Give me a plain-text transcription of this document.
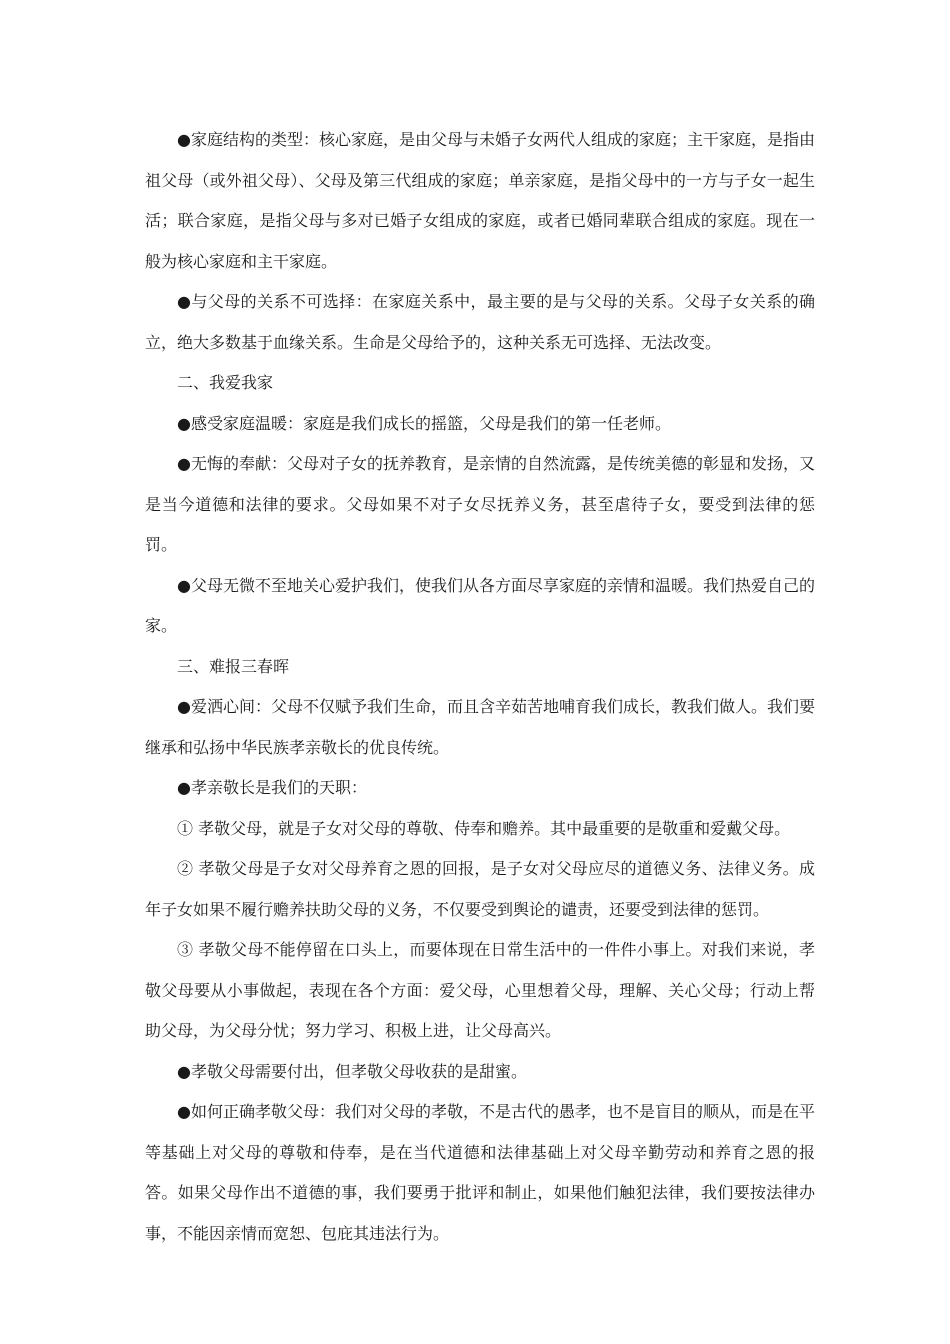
●家庭结构的类型：核心家庭，是由父母与未婚子女两代人组成的家庭；主干家庭，是指由祖父母（或外祖父母）、父母及第三代组成的家庭；单亲家庭，是指父母中的一方与子女一起生活；联合家庭，是指父母与多对已婚子女组成的家庭，或者已婚同辈联合组成的家庭。现在一般为核心家庭和主干家庭。

●与父母的关系不可选择：在家庭关系中，最主要的是与父母的关系。父母子女关系的确立，绝大多数基于血缘关系。生命是父母给予的，这种关系无可选择、无法改变。

二、我爱我家

●感受家庭温暖：家庭是我们成长的摇篮，父母是我们的第一任老师。

●无悔的奉献：父母对子女的抚养教育，是亲情的自然流露，是传统美德的彰显和发扬，又是当今道德和法律的要求。父母如果不对子女尽抚养义务，甚至虐待子女，要受到法律的惩罚。

●父母无微不至地关心爱护我们，使我们从各方面尽享家庭的亲情和温暖。我们热爱自己的家。

三、难报三春晖

●爱洒心间：父母不仅赋予我们生命，而且含辛茹苦地哺育我们成长，教我们做人。我们要继承和弘扬中华民族孝亲敬长的优良传统。

●孝亲敬长是我们的天职：

① 孝敬父母，就是子女对父母的尊敬、侍奉和赡养。其中最重要的是敬重和爱戴父母。

② 孝敬父母是子女对父母养育之恩的回报，是子女对父母应尽的道德义务、法律义务。成年子女如果不履行赡养扶助父母的义务，不仅要受到舆论的谴责，还要受到法律的惩罚。

③ 孝敬父母不能停留在口头上，而要体现在日常生活中的一件件小事上。对我们来说，孝敬父母要从小事做起，表现在各个方面：爱父母，心里想着父母，理解、关心父母；行动上帮助父母，为父母分忧；努力学习、积极上进，让父母高兴。

●孝敬父母需要付出，但孝敬父母收获的是甜蜜。

●如何正确孝敬父母：我们对父母的孝敬，不是古代的愚孝，也不是盲目的顺从，而是在平等基础上对父母的尊敬和侍奉，是在当代道德和法律基础上对父母辛勤劳动和养育之恩的报答。如果父母作出不道德的事，我们要勇于批评和制止，如果他们触犯法律，我们要按法律办事，不能因亲情而宽恕、包庇其违法行为。
